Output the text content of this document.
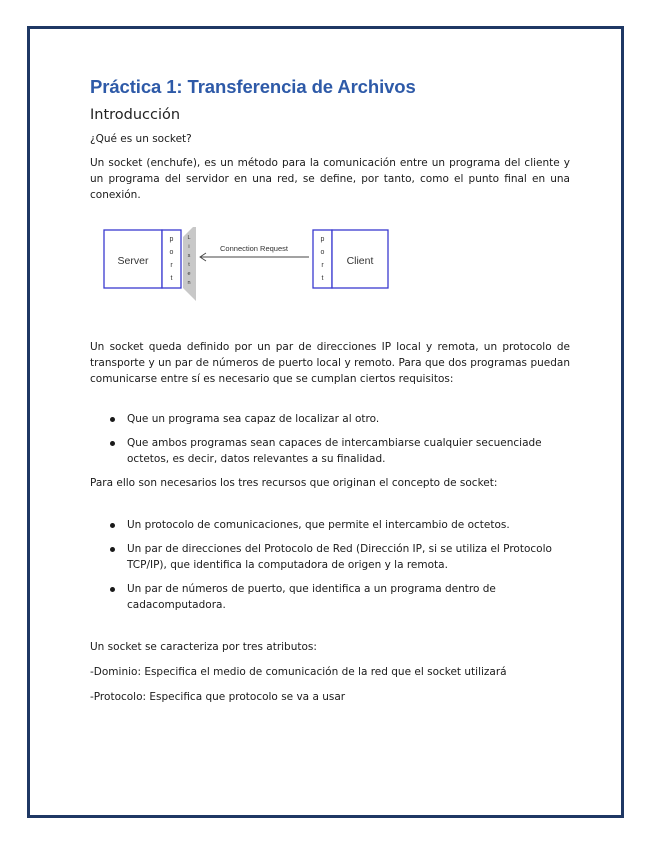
Práctica 1: Transferencia de Archivos
Introducción
¿Qué es un socket?

Un socket (enchufe), es un método para la comunicación entre un programa del cliente y un programa del servidor en una red, se define, por tanto, como el punto final en una conexión.

Server
p
o
r
t
L
i
s
t
e
n
Connection Request
p
o
r
t
Client

Un socket queda definido por un par de direcciones IP local y remota, un protocolo de transporte y un par de números de puerto local y remoto. Para que dos programas puedan comunicarse entre sí es necesario que se cumplan ciertos requisitos:

Que un programa sea capaz de localizar al otro.
Que ambos programas sean capaces de intercambiarse cualquier secuenciade octetos, es decir, datos relevantes a su finalidad.

Para ello son necesarios los tres recursos que originan el concepto de socket:

Un protocolo de comunicaciones, que permite el intercambio de octetos.
Un par de direcciones del Protocolo de Red (Dirección IP, si se utiliza el Protocolo TCP/IP), que identifica la computadora de origen y la remota.
Un par de números de puerto, que identifica a un programa dentro de cadacomputadora.

Un socket se caracteriza por tres atributos:

-Dominio: Especifica el medio de comunicación de la red que el socket utilizará

-Protocolo: Especifica que protocolo se va a usar
